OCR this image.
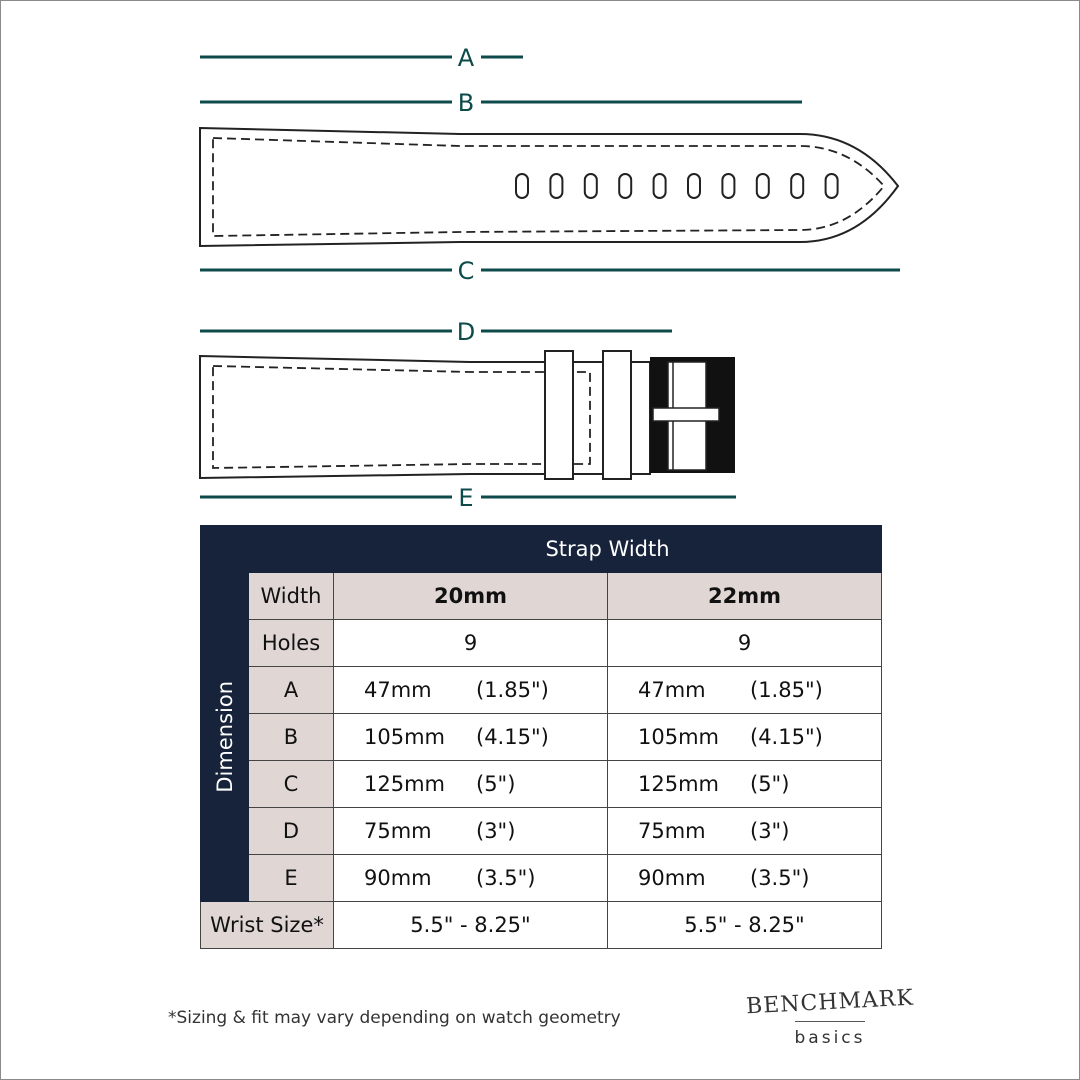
A
B
C
D
E
		Strap Width	

Dimension	Width	20mm	22mm
	Holes	9	9
	A	47mm (1.85")	47mm (1.85")
	B	105mm (4.15")	105mm (4.15")
	C	125mm (5")	125mm (5")
	D	75mm (3")	75mm (3")
	E	90mm (3.5")	90mm (3.5")
Wrist Size*		5.5" - 8.25"	5.5" - 8.25"
*Sizing & fit may vary depending on watch geometry	BENCHMARK
basics
